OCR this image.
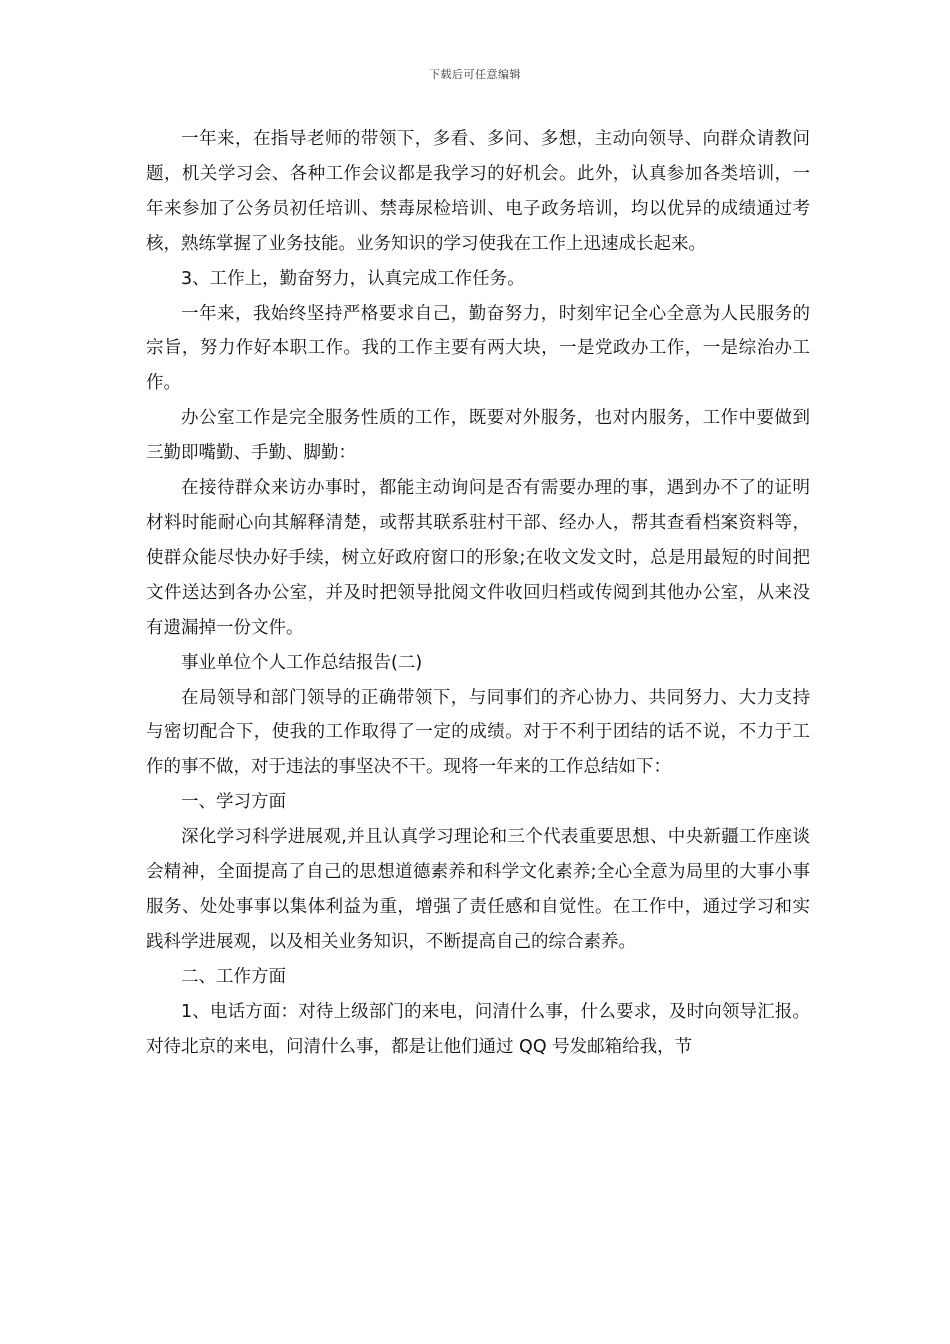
下载后可任意编辑

一年来，在指导老师的带领下，多看、多问、多想，主动向领导、向群众请教问题，机关学习会、各种工作会议都是我学习的好机会。此外，认真参加各类培训，一年来参加了公务员初任培训、禁毒尿检培训、电子政务培训，均以优异的成绩通过考核，熟练掌握了业务技能。业务知识的学习使我在工作上迅速成长起来。

3、工作上，勤奋努力，认真完成工作任务。

一年来，我始终坚持严格要求自己，勤奋努力，时刻牢记全心全意为人民服务的宗旨，努力作好本职工作。我的工作主要有两大块，一是党政办工作，一是综治办工作。

办公室工作是完全服务性质的工作，既要对外服务，也对内服务，工作中要做到三勤即嘴勤、手勤、脚勤：

在接待群众来访办事时，都能主动询问是否有需要办理的事，遇到办不了的证明材料时能耐心向其解释清楚，或帮其联系驻村干部、经办人，帮其查看档案资料等，使群众能尽快办好手续，树立好政府窗口的形象;在收文发文时，总是用最短的时间把文件送达到各办公室，并及时把领导批阅文件收回归档或传阅到其他办公室，从来没有遗漏掉一份文件。

事业单位个人工作总结报告(二)

在局领导和部门领导的正确带领下，与同事们的齐心协力、共同努力、大力支持与密切配合下，使我的工作取得了一定的成绩。对于不利于团结的话不说，不力于工作的事不做，对于违法的事坚决不干。现将一年来的工作总结如下：

一、学习方面

深化学习科学进展观,并且认真学习理论和三个代表重要思想、中央新疆工作座谈会精神，全面提高了自己的思想道德素养和科学文化素养;全心全意为局里的大事小事服务、处处事事以集体利益为重，增强了责任感和自觉性。在工作中，通过学习和实践科学进展观，以及相关业务知识，不断提高自己的综合素养。

二、工作方面

1、电话方面：对待上级部门的来电，问清什么事，什么要求，及时向领导汇报。对待北京的来电，问清什么事，都是让他们通过 QQ 号发邮箱给我，节
